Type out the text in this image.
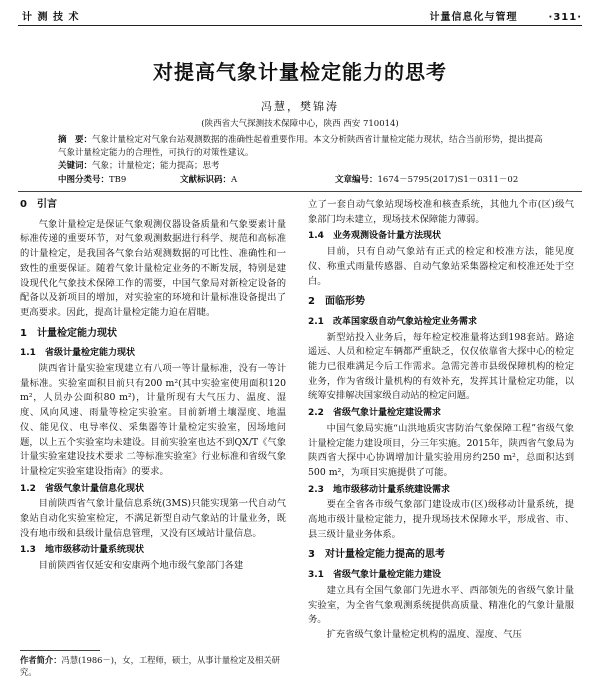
计 测 技 术	计量信息化与管理	·311·
对提高气象计量检定能力的思考
冯慧，樊锦涛
(陕西省大气探测技术保障中心，陕西 西安 710014)
摘　要：气象计量检定对气象台站观测数据的准确性起着重要作用。本文分析陕西省计量检定能力现状，结合当前形势，提出提高气象计量检定能力的合理性，可执行的对策性建议。
关键词：气象；计量检定；能力提高；思考
中图分类号：TB9	文献标识码：A	文章编号：1674－5795(2017)S1－0311－02
0　引言

气象计量检定是保证气象观测仪器设备质量和气象要素计量标准传递的重要环节，对气象观测数据进行科学、规范和高标准的计量检定，是我国各气象台站观测数据的可比性、准确性和一致性的重要保证。随着气象计量检定业务的不断发展，特别是建设现代化气象技术保障工作的需要，中国气象局对新检定设备的配备以及新项目的增加，对实验室的环境和计量标准设备提出了更高要求。因此，提高计量检定能力迫在眉睫。

1　计量检定能力现状
1.1　省级计量检定能力现状

陕西省计量实验室现建立有八项一等计量标准，没有一等计量标准。实验室面积目前只有200 m²(其中实验室使用面积120 m²，人员办公面积80 m²)，计量所现有大气压力、温度、湿度、风向风速、雨量等检定实验室。目前新增土壤湿度、地温仪、能见仪、电导率仪、采集器等计量检定实验室，因场地问题，以上五个实验室均未建设。目前实验室也达不到QX/T《气象计量实验室建设技术要求 二等标准实验室》行业标准和省级气象计量检定实验室建设指南》的要求。

1.2　省级气象计量信息化现状

目前陕西省气象计量信息系统(3MS)只能实现第一代自动气象站自动化实验室检定，不满足新型自动气象站的计量业务，既没有地市级和县级计量信息管理，又没有区域站计量信息。

1.3　地市级移动计量系统现状

目前陕西省仅延安和安康两个地市级气象部门各建

立了一套自动气象站现场校准和核查系统，其他九个市(区)级气象部门均未建立，现场技术保障能力薄弱。

1.4　业务观测设备计量方法现状

目前，只有自动气象站有正式的检定和校准方法，能见度仪、称重式雨量传感器、自动气象站采集器检定和校准还处于空白。

2　面临形势
2.1　改革国家级自动气象站检定业务需求

新型站投入业务后，每年检定校准量将达到198套站。路途遥远、人员和检定车辆都严重缺乏，仅仅依靠省大探中心的检定能力已很难满足今后工作需求。急需完善市县级保障机构的检定业务，作为省级计量机构的有效补充，发挥其计量检定功能，以统筹安排解决国家级自动站的检定问题。

2.2　省级气象计量检定建设需求

中国气象局实施“山洪地质灾害防治气象保障工程”省级气象计量检定能力建设项目，分三年实施。2015年，陕西省气象局为陕西省大探中心协调增加计量实验用房约250 m²，总面积达到500 m²，为项目实施提供了可能。

2.3　地市级移动计量系统建设需求

要在全省各市级气象部门建设成市(区)级移动计量系统，提高地市级计量检定能力，提升现场技术保障水平，形成省、市、县三级计量业务体系。

3　对计量检定能力提高的思考
3.1　省级气象计量检定能力建设

建立具有全国气象部门先进水平、西部领先的省级气象计量实验室，为全省气象观测系统提供高质量、精准化的气象计量服务。

扩充省级气象计量检定机构的温度、湿度、气压

作者简介：冯慧(1986－)，女，工程师，硕士，从事计量检定及相关研究。
